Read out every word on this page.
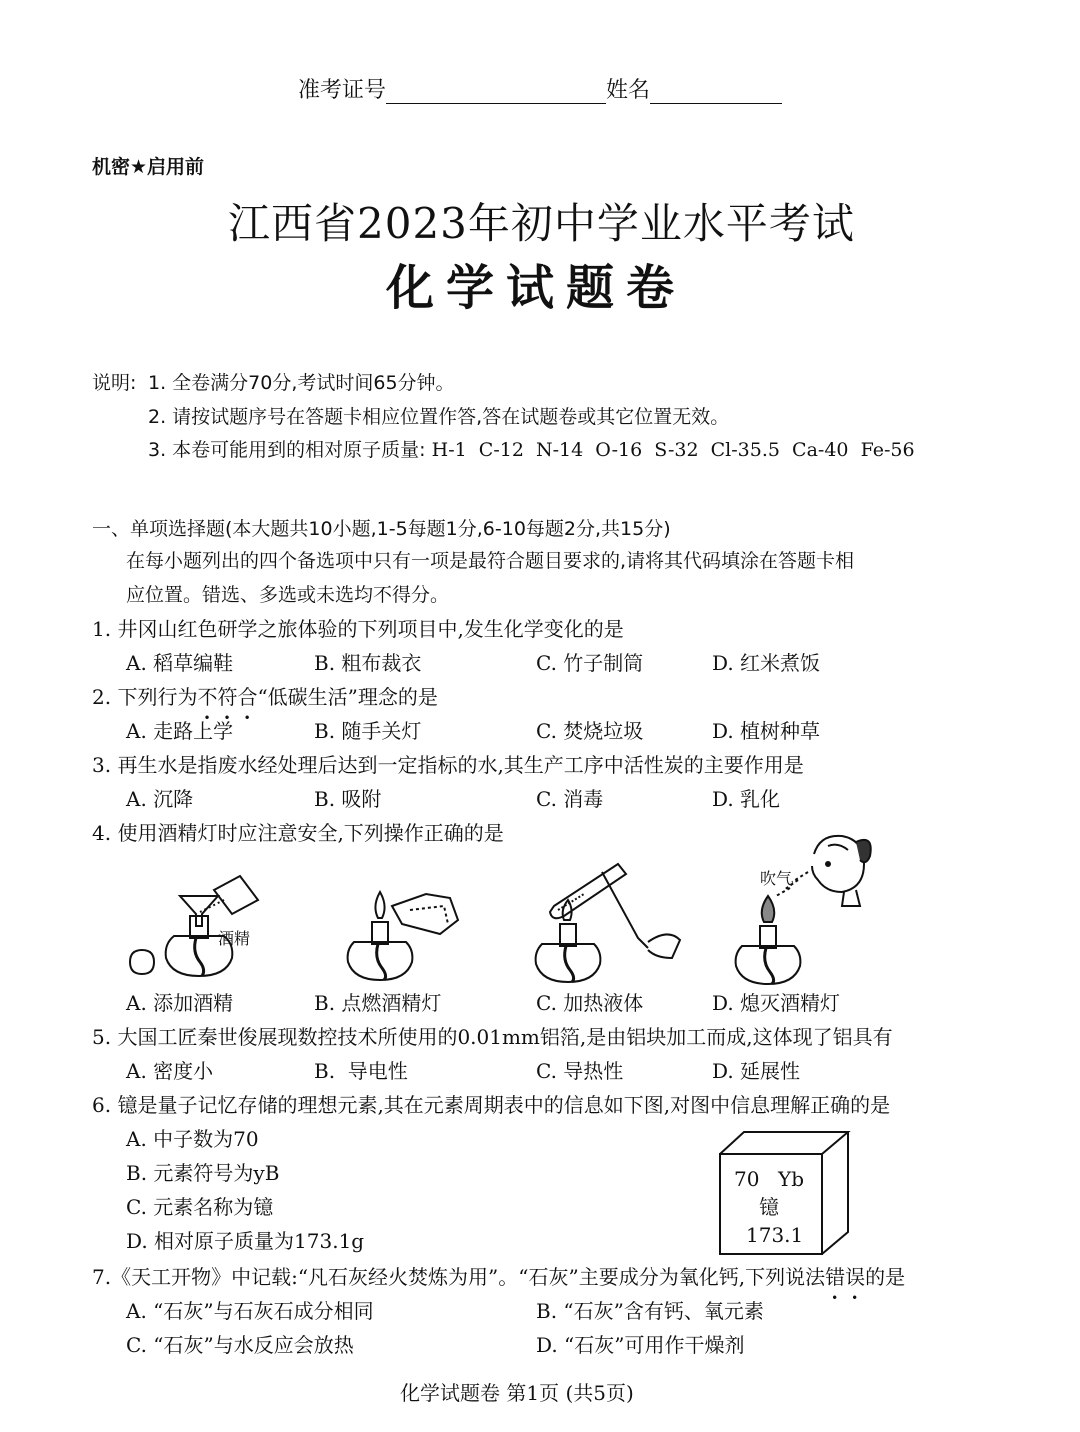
准考证号	姓名
机密★启用前
江西省2023年初中学业水平考试
化学试题卷
说明: 1. 全卷满分70分,考试时间65分钟。
2. 请按试题序号在答题卡相应位置作答,答在试题卷或其它位置无效。
3. 本卷可能用到的相对原子质量: H-1  C-12  N-14  O-16  S-32  Cl-35.5  Ca-40  Fe-56
一、单项选择题(本大题共10小题,1-5每题1分,6-10每题2分,共15分)
在每小题列出的四个备选项中只有一项是最符合题目要求的,请将其代码填涂在答题卡相
应位置。错选、多选或未选均不得分。
1. 井冈山红色研学之旅体验的下列项目中,发生化学变化的是
A. 稻草编鞋	B. 粗布裁衣	C. 竹子制筒	D. 红米煮饭
2. 下列行为不符合
•••
“低碳生活”理念的是
A. 走路上学	B. 随手关灯	C. 焚烧垃圾	D. 植树种草
3. 再生水是指废水经处理后达到一定指标的水,其生产工序中活性炭的主要作用是
A. 沉降	B. 吸附	C. 消毒	D. 乳化
4. 使用酒精灯时应注意安全,下列操作正确的是
酒精
吹气
A. 添加酒精	B. 点燃酒精灯	C. 加热液体	D. 熄灭酒精灯
5. 大国工匠秦世俊展现数控技术所使用的0.01mm铝箔,是由铝块加工而成,这体现了铝具有
A. 密度小	B.  导电性	C. 导热性	D. 延展性
6. 镱是量子记忆存储的理想元素,其在元素周期表中的信息如下图,对图中信息理解正确的是
A. 中子数为70
B. 元素符号为yB
C. 元素名称为镱
D. 相对原子质量为173.1g
70 Yb
镱
173.1
7.《天工开物》中记载:“凡石灰经火焚炼为用”。“石灰”主要成分为氧化钙,下列说法错误
••
的是
A. “石灰”与石灰石成分相同	B. “石灰”含有钙、氧元素
C. “石灰”与水反应会放热	D. “石灰”可用作干燥剂
化学试题卷 第1页 (共5页)
